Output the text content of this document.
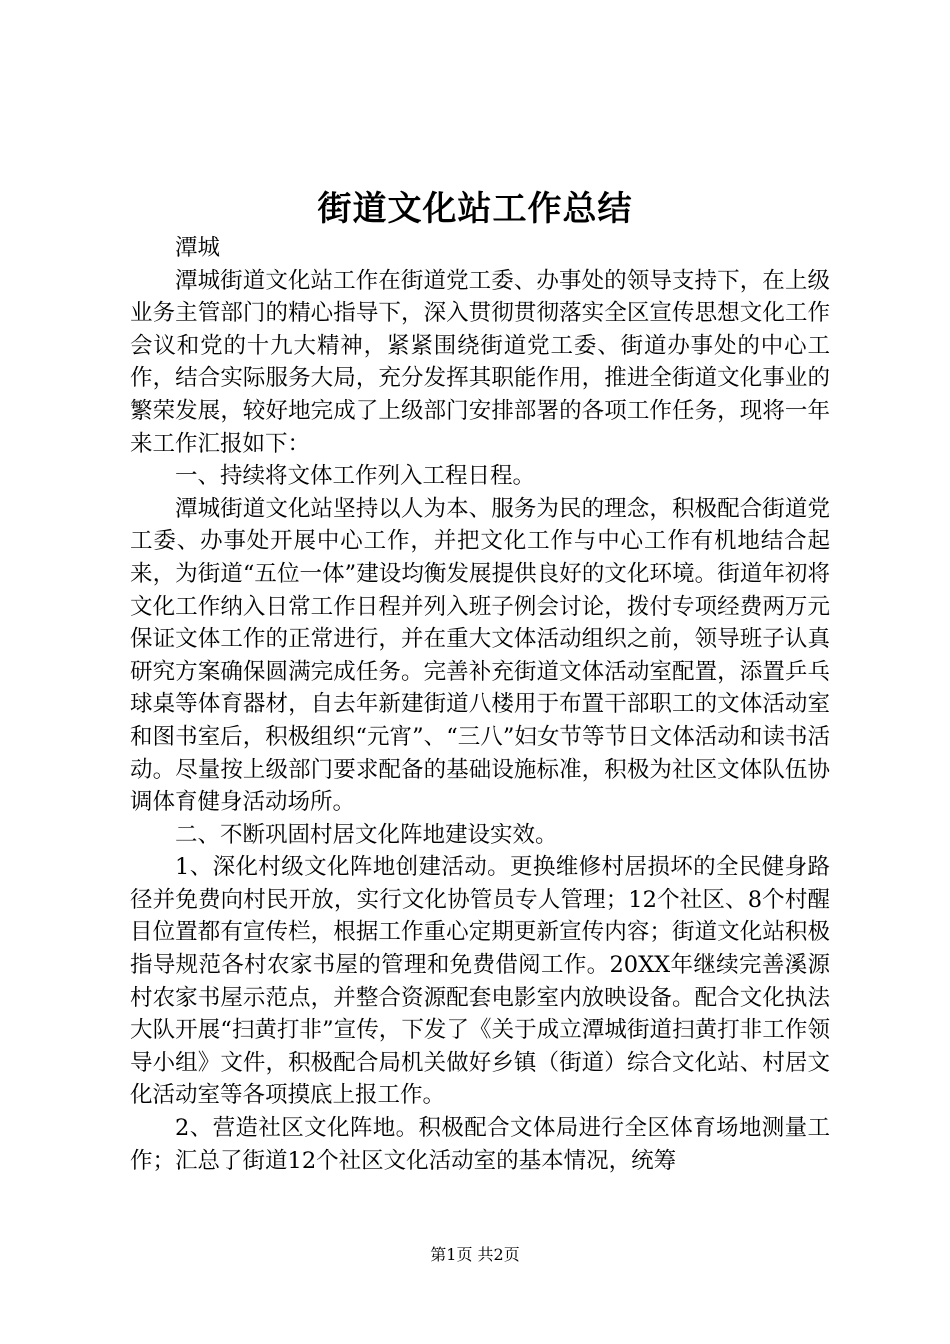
街道文化站工作总结

潭城

潭城街道文化站工作在街道党工委、办事处的领导支持下，在上级业务主管部门的精心指导下，深入贯彻贯彻落实全区宣传思想文化工作会议和党的十九大精神，紧紧围绕街道党工委、街道办事处的中心工作，结合实际服务大局，充分发挥其职能作用，推进全街道文化事业的繁荣发展，较好地完成了上级部门安排部署的各项工作任务，现将一年来工作汇报如下：

一、持续将文体工作列入工程日程。

潭城街道文化站坚持以人为本、服务为民的理念，积极配合街道党工委、办事处开展中心工作，并把文化工作与中心工作有机地结合起来，为街道“五位一体”建设均衡发展提供良好的文化环境。街道年初将文化工作纳入日常工作日程并列入班子例会讨论，拨付专项经费两万元保证文体工作的正常进行，并在重大文体活动组织之前，领导班子认真研究方案确保圆满完成任务。完善补充街道文体活动室配置，添置乒乓球桌等体育器材，自去年新建街道八楼用于布置干部职工的文体活动室和图书室后，积极组织“元宵”、“三八”妇女节等节日文体活动和读书活动。尽量按上级部门要求配备的基础设施标准，积极为社区文体队伍协调体育健身活动场所。

二、不断巩固村居文化阵地建设实效。

1、深化村级文化阵地创建活动。更换维修村居损坏的全民健身路径并免费向村民开放，实行文化协管员专人管理；12个社区、8个村醒目位置都有宣传栏，根据工作重心定期更新宣传内容；街道文化站积极指导规范各村农家书屋的管理和免费借阅工作。20XX年继续完善溪源村农家书屋示范点，并整合资源配套电影室内放映设备。配合文化执法大队开展“扫黄打非”宣传，下发了《关于成立潭城街道扫黄打非工作领导小组》文件，积极配合局机关做好乡镇（街道）综合文化站、村居文化活动室等各项摸底上报工作。

2、营造社区文化阵地。积极配合文体局进行全区体育场地测量工作；汇总了街道12个社区文化活动室的基本情况，统筹

第1页 共2页
